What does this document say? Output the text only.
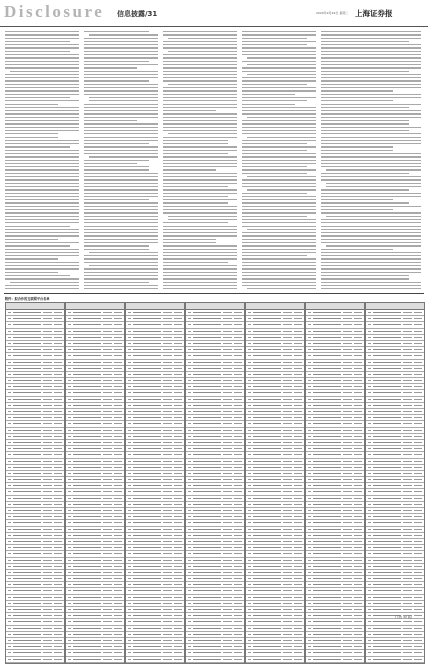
Disclosure 信息披露/31	2020年9月29日 星期二 上海证券报
附件：拟合作的互联网平台名单
(下转 32 版)
